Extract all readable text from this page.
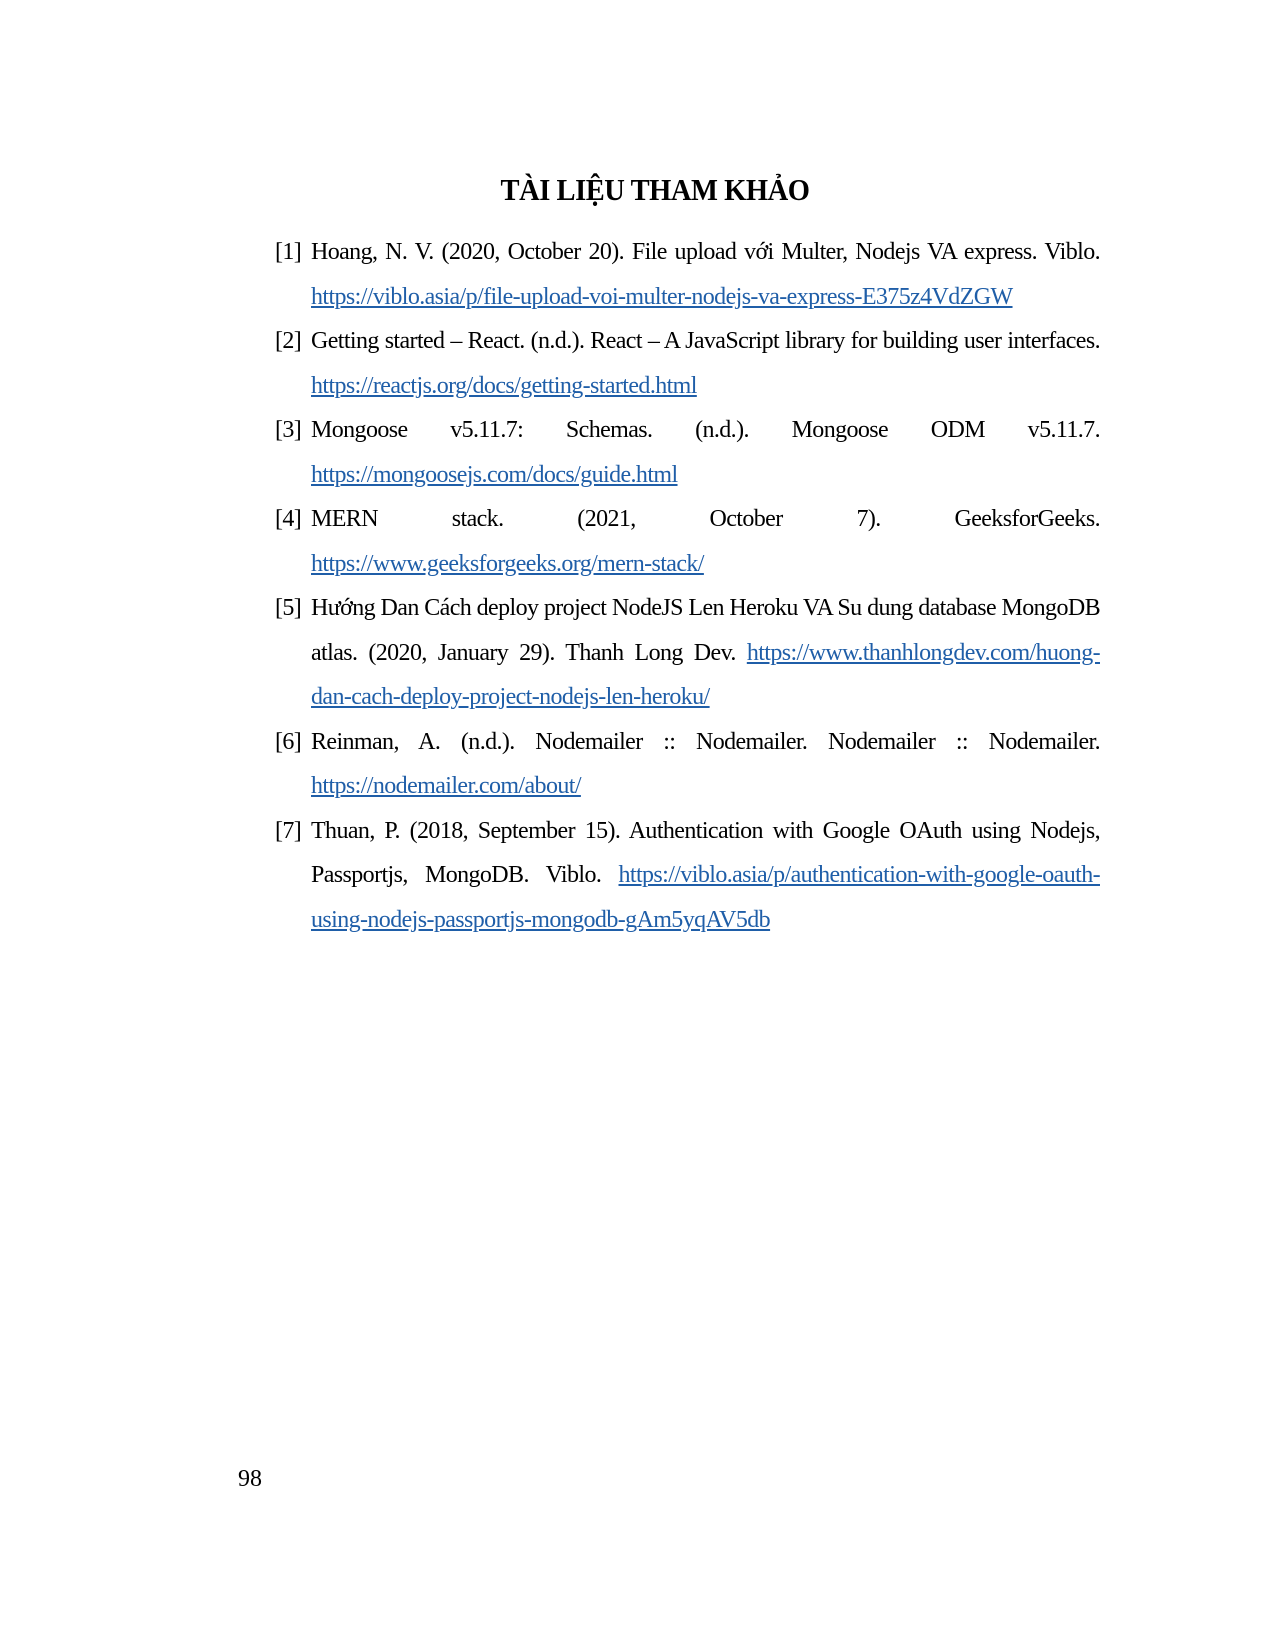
TÀI LIỆU THAM KHẢO
[1] Hoang, N. V. (2020, October 20). File upload với Multer, Nodejs VA express. Viblo. https://viblo.asia/p/file-upload-voi-multer-nodejs-va-express-E375z4VdZGW
[2] Getting started – React. (n.d.). React – A JavaScript library for building user interfaces. https://reactjs.org/docs/getting-started.html
[3] Mongoose v5.11.7: Schemas. (n.d.). Mongoose ODM v5.11.7. https://mongoosejs.com/docs/guide.html
[4] MERN stack. (2021, October 7). GeeksforGeeks. https://www.geeksforgeeks.org/mern-stack/
[5] Hướng Dan Cách deploy project NodeJS Len Heroku VA Su dung database MongoDB atlas. (2020, January 29). Thanh Long Dev. https://www.thanhlongdev.com/huong-dan-cach-deploy-project-nodejs-len-heroku/
[6] Reinman, A. (n.d.). Nodemailer :: Nodemailer. Nodemailer :: Nodemailer. https://nodemailer.com/about/
[7] Thuan, P. (2018, September 15). Authentication with Google OAuth using Nodejs, Passportjs, MongoDB. Viblo. https://viblo.asia/p/authentication-with-google-oauth-using-nodejs-passportjs-mongodb-gAm5yqAV5db
98
